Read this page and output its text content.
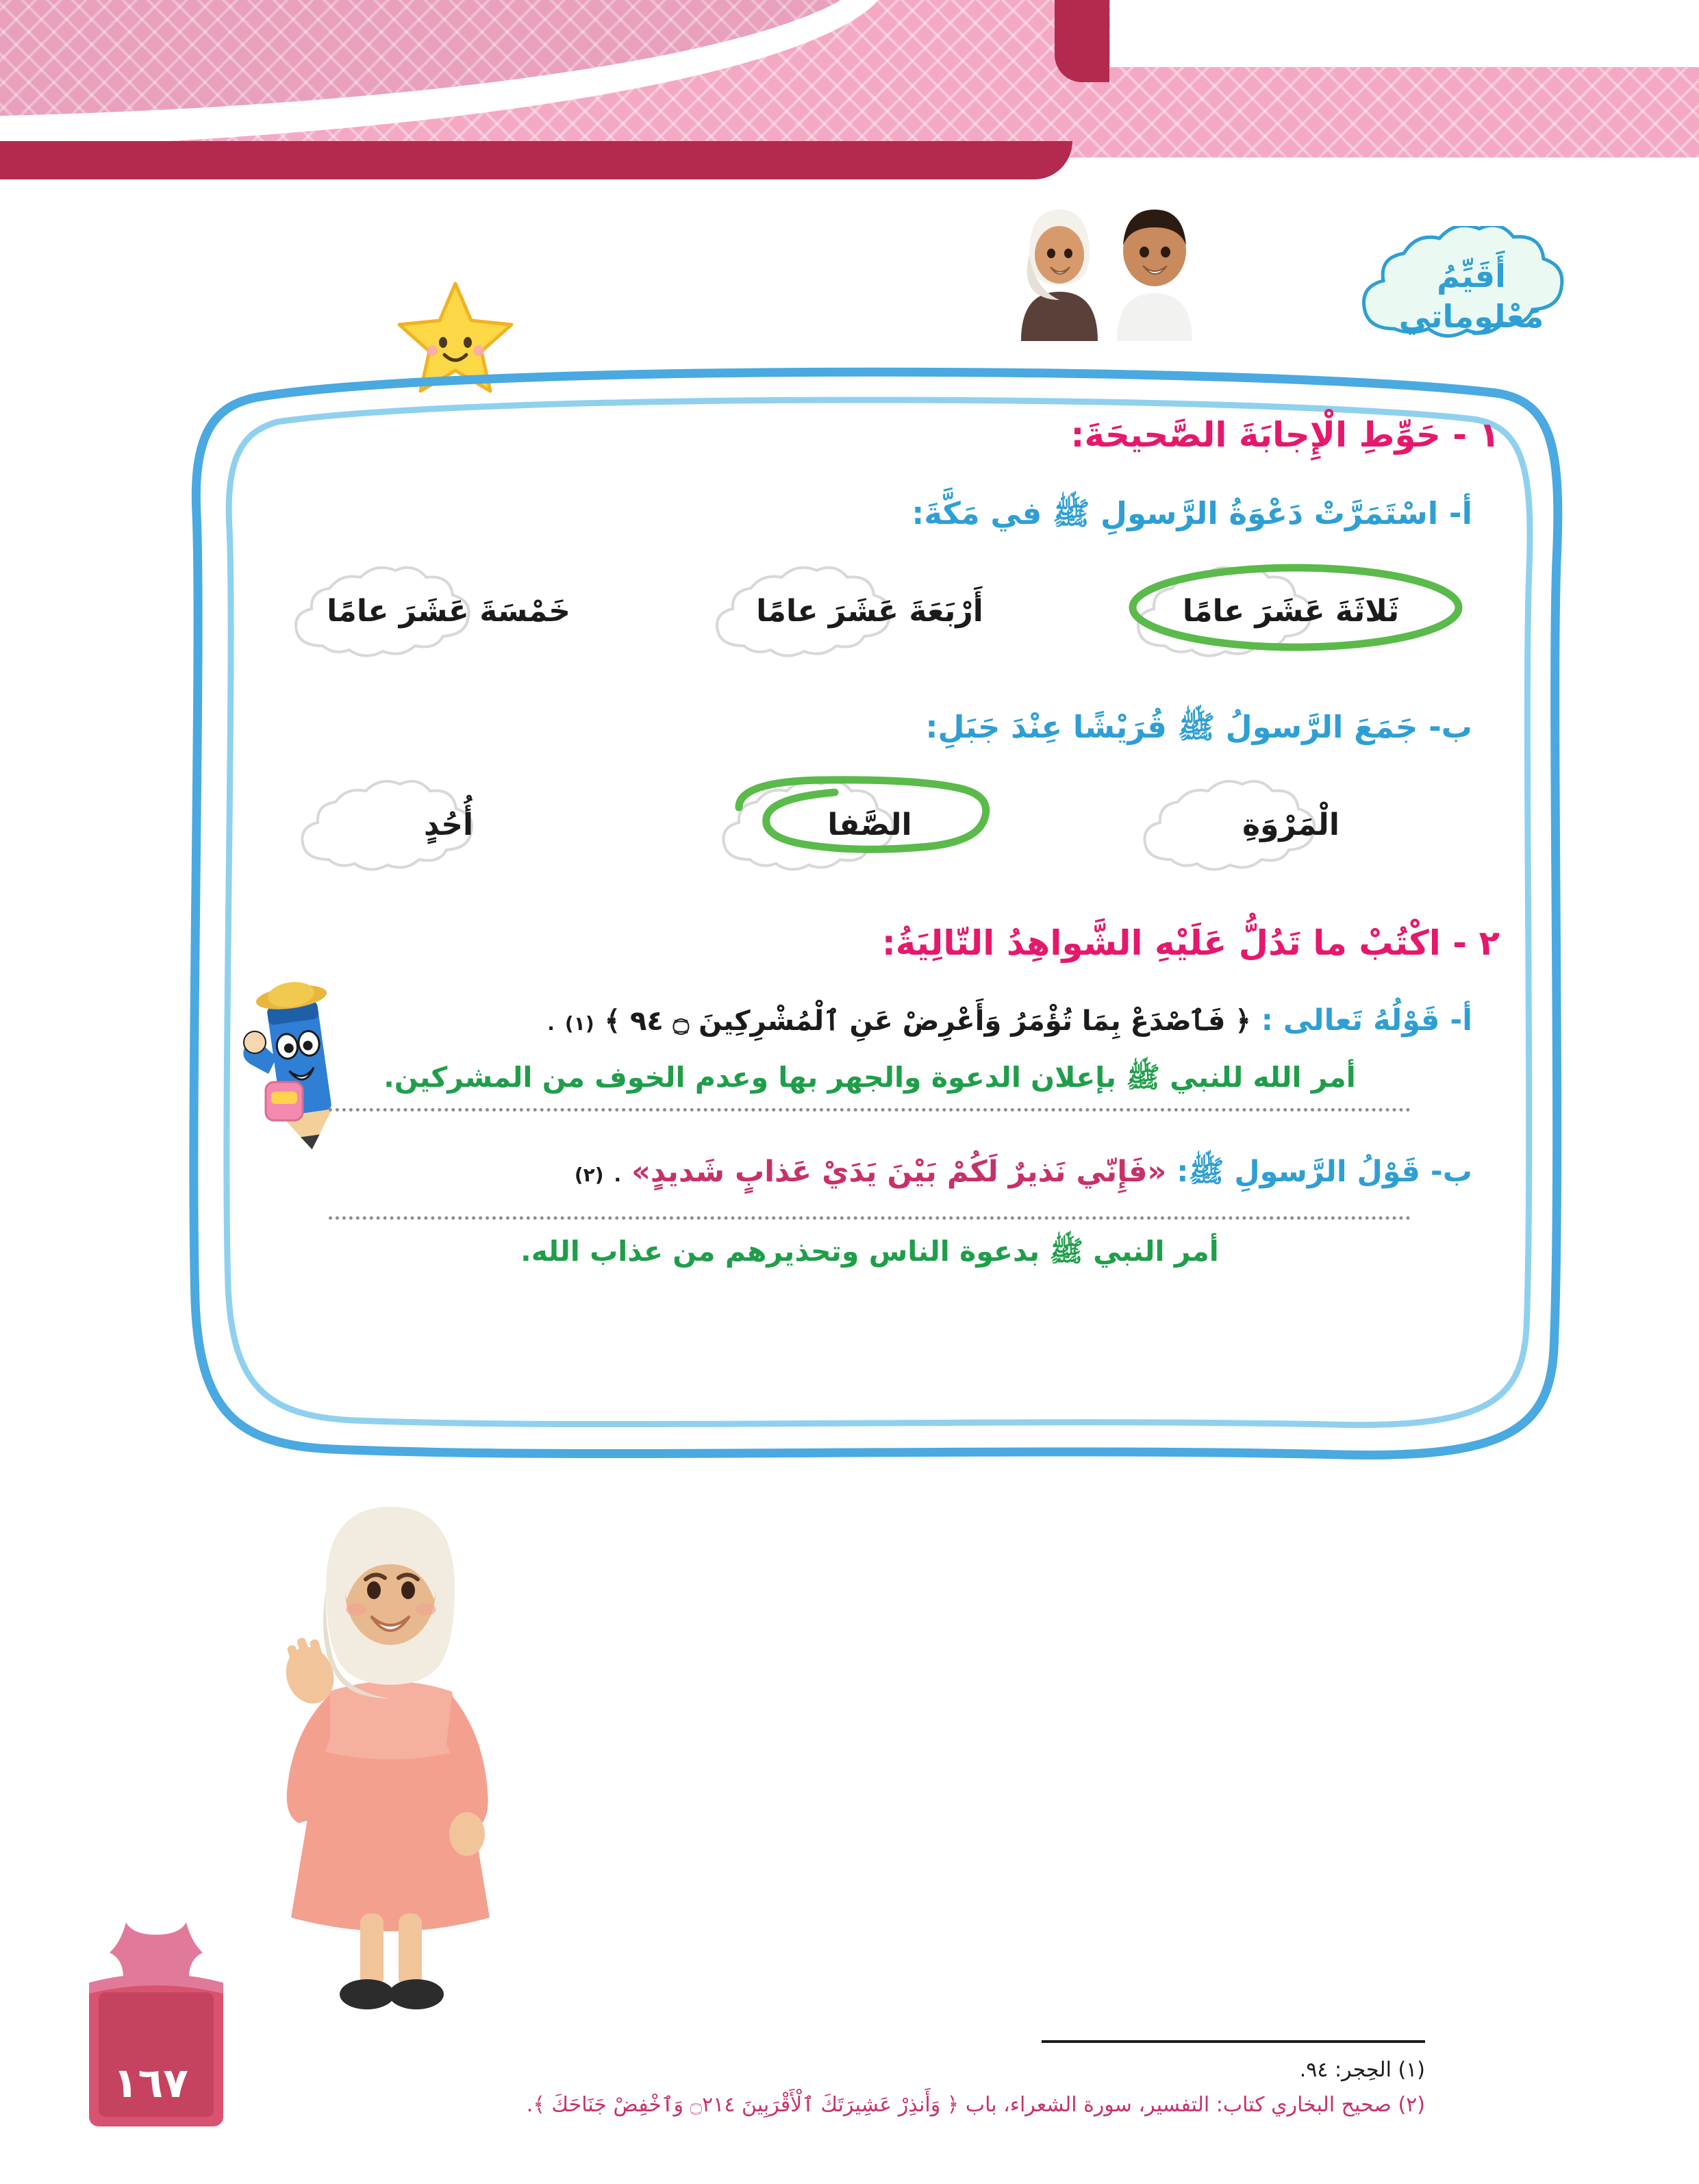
أَقَيِّمُ
مَعْلوماتي

١ - حَوِّطِ الْإِجابَةَ الصَّحيحَةَ:

أ- اسْتَمَرَّتْ دَعْوَةُ الرَّسولِ ﷺ في مَكَّةَ:

ثَلاثَةَ عَشَرَ عامًا
أَرْبَعَةَ عَشَرَ عامًا
خَمْسَةَ عَشَرَ عامًا

ب- جَمَعَ الرَّسولُ ﷺ قُرَيْشًا عِنْدَ جَبَلِ:

الْمَرْوَةِ
الصَّفا
أُحُدٍ

٢ - اكْتُبْ ما تَدُلُّ عَلَيْهِ الشَّواهِدُ التّالِيَةُ:

أ- قَوْلُهُ تَعالى : ﴿ فَٱصْدَعْ بِمَا تُؤْمَرُ وَأَعْرِضْ عَنِ ٱلْمُشْرِكِينَ ۝ ٩٤ ﴾ (١) .

أمر الله للنبي ﷺ بإعلان الدعوة والجهر بها وعدم الخوف من المشركين.

ب- قَوْلُ الرَّسولِ ﷺ: «فَإِنّي نَذيرٌ لَكُمْ بَيْنَ يَدَيْ عَذابٍ شَديدٍ» . (٢)

أمر النبي ﷺ بدعوة الناس وتحذيرهم من عذاب الله.

(١) الحِجر: ٩٤.

(٢) صحيح البخاري كتاب: التفسير، سورة الشعراء، باب ﴿ وَأَنذِرْ عَشِيرَتَكَ ٱلْأَقْرَبِينَ ۝٢١٤ وَٱخْفِضْ جَنَاحَكَ ﴾.

١٦٧
